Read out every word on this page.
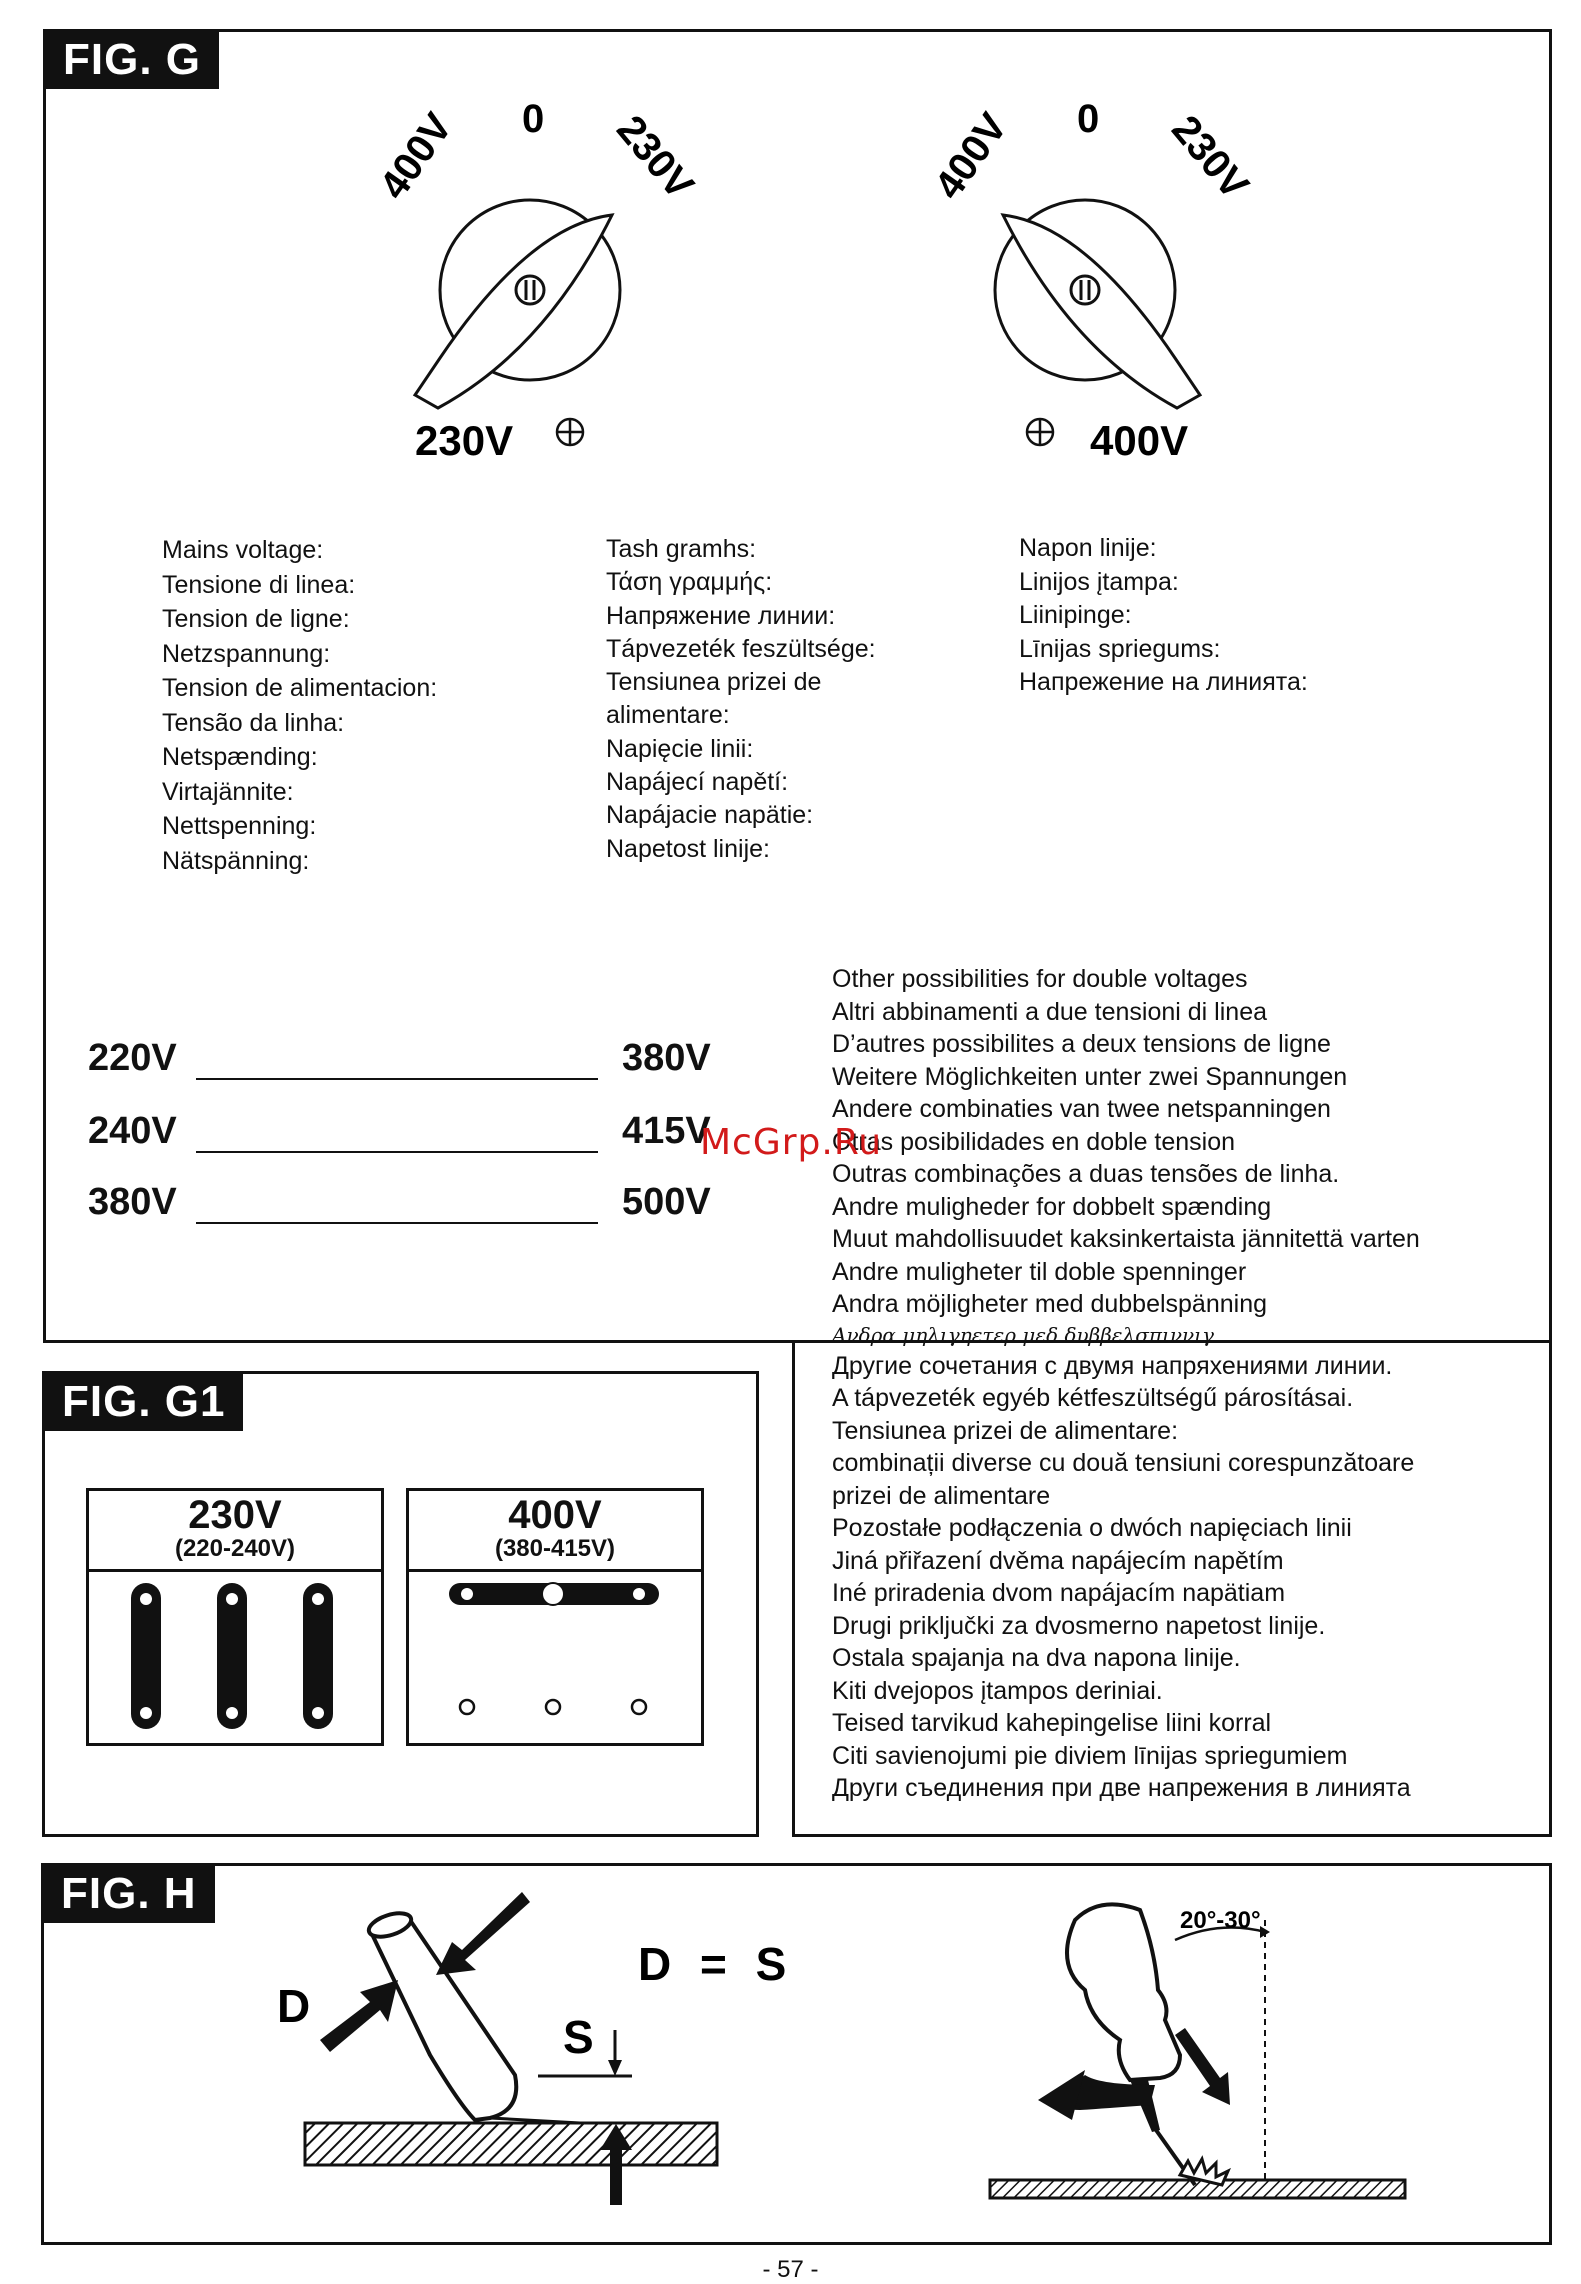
FIG. G
400V 0 230V
230V
400V 0 230V
400V
Mains voltage:
Tensione di linea:
Tension de ligne:
Netzspannung:
Tension de alimentacion:
Tensão da linha:
Netspænding:
Virtajännite:
Nettspenning:
Nätspänning:
Tash gramhs:
Τάση γραμμής:
Напряжение линии:
Tápvezeték feszültsége:
Tensiunea prizei de
alimentare:
Napięcie linii:
Napájecí napětí:
Napájacie napätie:
Napetost linije:
Napon linije:
Linijos įtampa:
Liinipinge:
Līnijas spriegums:
Напрежение на линията:
220V	380V
240V	415V
380V	500V
Other possibilities for double voltages
Altri abbinamenti a due tensioni di linea
D’autres possibilites a deux tensions de ligne
Weitere Möglichkeiten unter zwei Spannungen
Andere combinaties van twee netspanningen
Otras posibilidades en doble tension
Outras combinações a duas tensões de linha.
Andre muligheder for dobbelt spænding
Muut mahdollisuudet kaksinkertaista jännitettä varten
Andre muligheter til doble spenninger
Andra möjligheter med dubbelspänning
Ανδρα μηλιγηετερ μεδ δυββελσπιννιγ
Другие сочетания с двумя напряхениями линии.
A tápvezeték egyéb kétfeszültségű párosításai.
Tensiunea prizei de alimentare:
combinații diverse cu două tensiuni corespunzătoare
prizei de alimentare
Pozostałe podłączenia o dwóch napięciach linii
Jiná přiřazení dvěma napájecím napětím
Iné priradenia dvom napájacím napätiam
Drugi priključki za dvosmerno napetost linije.
Ostala spajanja na dva napona linije.
Kiti dvejopos įtampos deriniai.
Teised tarvikud kahepingelise liini korral
Citi savienojumi pie diviem līnijas spriegumiem
Други съединения при две напрежения в линията
McGrp.Ru
FIG. G1
230V
(220-240V)
400V
(380-415V)
FIG. H
D
S
D = S
20°-30°
- 57 -
